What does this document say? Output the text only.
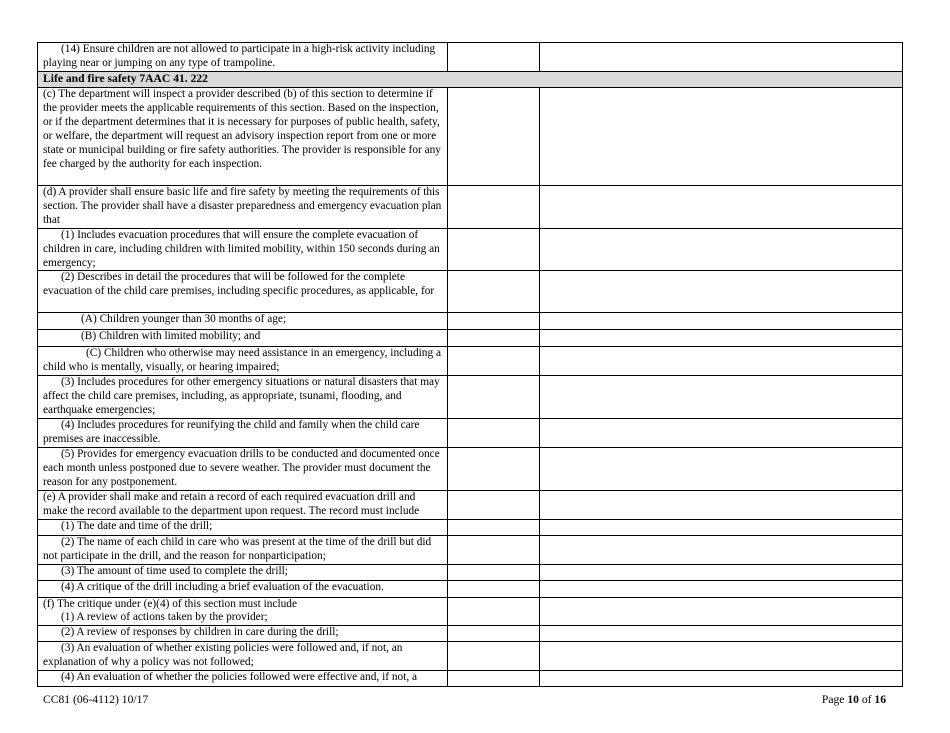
(14) Ensure children are not allowed to participate in a high-risk activity including playing near or jumping on any type of trampoline.		
Life and fire safety 7AAC 41. 222		
(c) The department will inspect a provider described (b) of this section to determine if the provider meets the applicable requirements of this section. Based on the inspection, or if the department determines that it is necessary for purposes of public health, safety, or welfare, the department will request an advisory inspection report from one or more state or municipal building or fire safety authorities. The provider is responsible for any fee charged by the authority for each inspection.		
(d) A provider shall ensure basic life and fire safety by meeting the requirements of this section. The provider shall have a disaster preparedness and emergency evacuation plan that		
(1) Includes evacuation procedures that will ensure the complete evacuation of children in care, including children with limited mobility, within 150 seconds during an emergency;		
(2) Describes in detail the procedures that will be followed for the complete evacuation of the child care premises, including specific procedures, as applicable, for		
(A) Children younger than 30 months of age;		
(B) Children with limited mobility; and		
(C) Children who otherwise may need assistance in an emergency, including a child who is mentally, visually, or hearing impaired;		
(3) Includes procedures for other emergency situations or natural disasters that may affect the child care premises, including, as appropriate, tsunami, flooding, and earthquake emergencies;		
(4) Includes procedures for reunifying the child and family when the child care premises are inaccessible.		
(5) Provides for emergency evacuation drills to be conducted and documented once each month unless postponed due to severe weather. The provider must document the reason for any postponement.		
(e) A provider shall make and retain a record of each required evacuation drill and make the record available to the department upon request. The record must include		
(1) The date and time of the drill;		
(2) The name of each child in care who was present at the time of the drill but did not participate in the drill, and the reason for nonparticipation;		
(3) The amount of time used to complete the drill;		
(4) A critique of the drill including a brief evaluation of the evacuation.		

(f) The critique under (e)(4) of this section must include
(1) A review of actions taken by the provider;		

(2) A review of responses by children in care during the drill;		
(3) An evaluation of whether existing policies were followed and, if not, an explanation of why a policy was not followed;		
(4) An evaluation of whether the policies followed were effective and, if not, a		
CC81 (06-4112) 10/17	Page 10 of 16
